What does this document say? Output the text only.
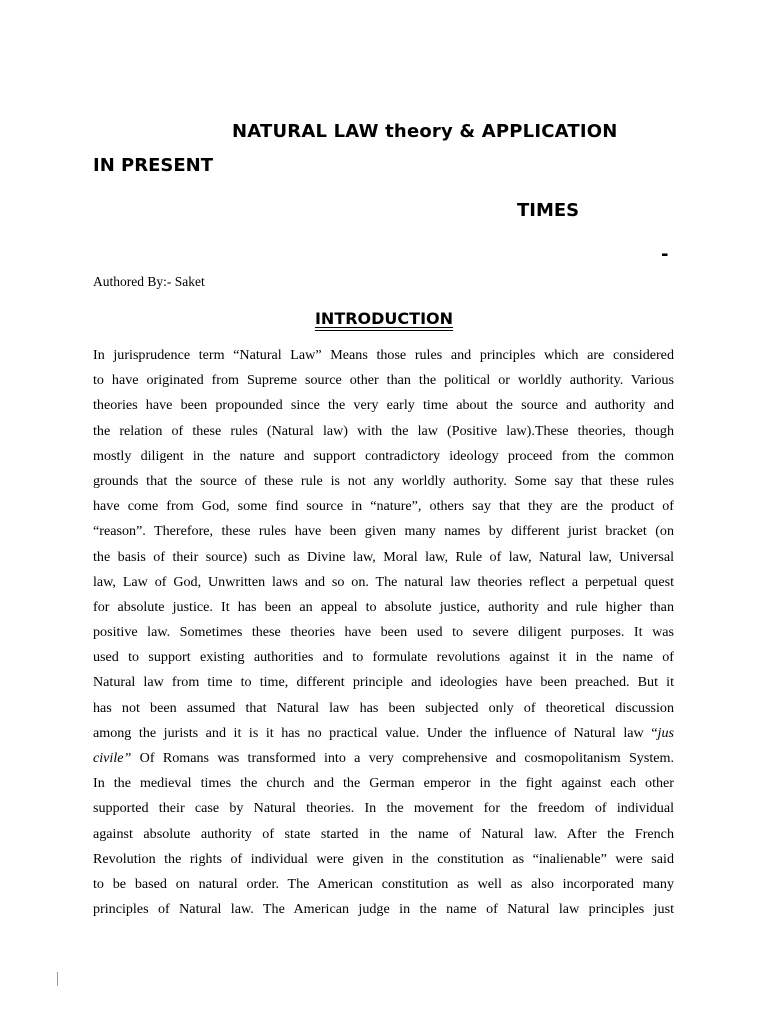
NATURAL LAW theory & APPLICATION
IN PRESENT
TIMES
-
Authored By:- Saket
INTRODUCTION
In jurisprudence term “Natural Law” Means those rules and principles which are considered
to have originated from Supreme source other than the political or worldly authority. Various
theories have been propounded since the very early time about the source and authority and
the relation of these rules (Natural law) with the law (Positive law).These theories, though
mostly diligent in the nature and support contradictory ideology proceed from the common
grounds that the source of these rule is not any worldly authority. Some say that these rules
have come from God, some find source in “nature”, others say that they are the product of
“reason”. Therefore, these rules have been given many names by different jurist bracket (on
the basis of their source) such as Divine law, Moral law, Rule of law, Natural law, Universal
law, Law of God, Unwritten laws and so on. The natural law theories reflect a perpetual quest
for absolute justice. It has been an appeal to absolute justice, authority and rule higher than
positive law. Sometimes these theories have been used to severe diligent purposes. It was
used to support existing authorities and to formulate revolutions against it in the name of
Natural law from time to time, different principle and ideologies have been preached. But it
has not been assumed that Natural law has been subjected only of theoretical discussion
among the jurists and it is it has no practical value. Under the influence of Natural law “jus
civile” Of Romans was transformed into a very comprehensive and cosmopolitanism System.
In the medieval times the church and the German emperor in the fight against each other
supported their case by Natural theories. In the movement for the freedom of individual
against absolute authority of state started in the name of Natural law. After the French
Revolution the rights of individual were given in the constitution as “inalienable” were said
to be based on natural order. The American constitution as well as also incorporated many
principles of Natural law. The American judge in the name of Natural law principles just
